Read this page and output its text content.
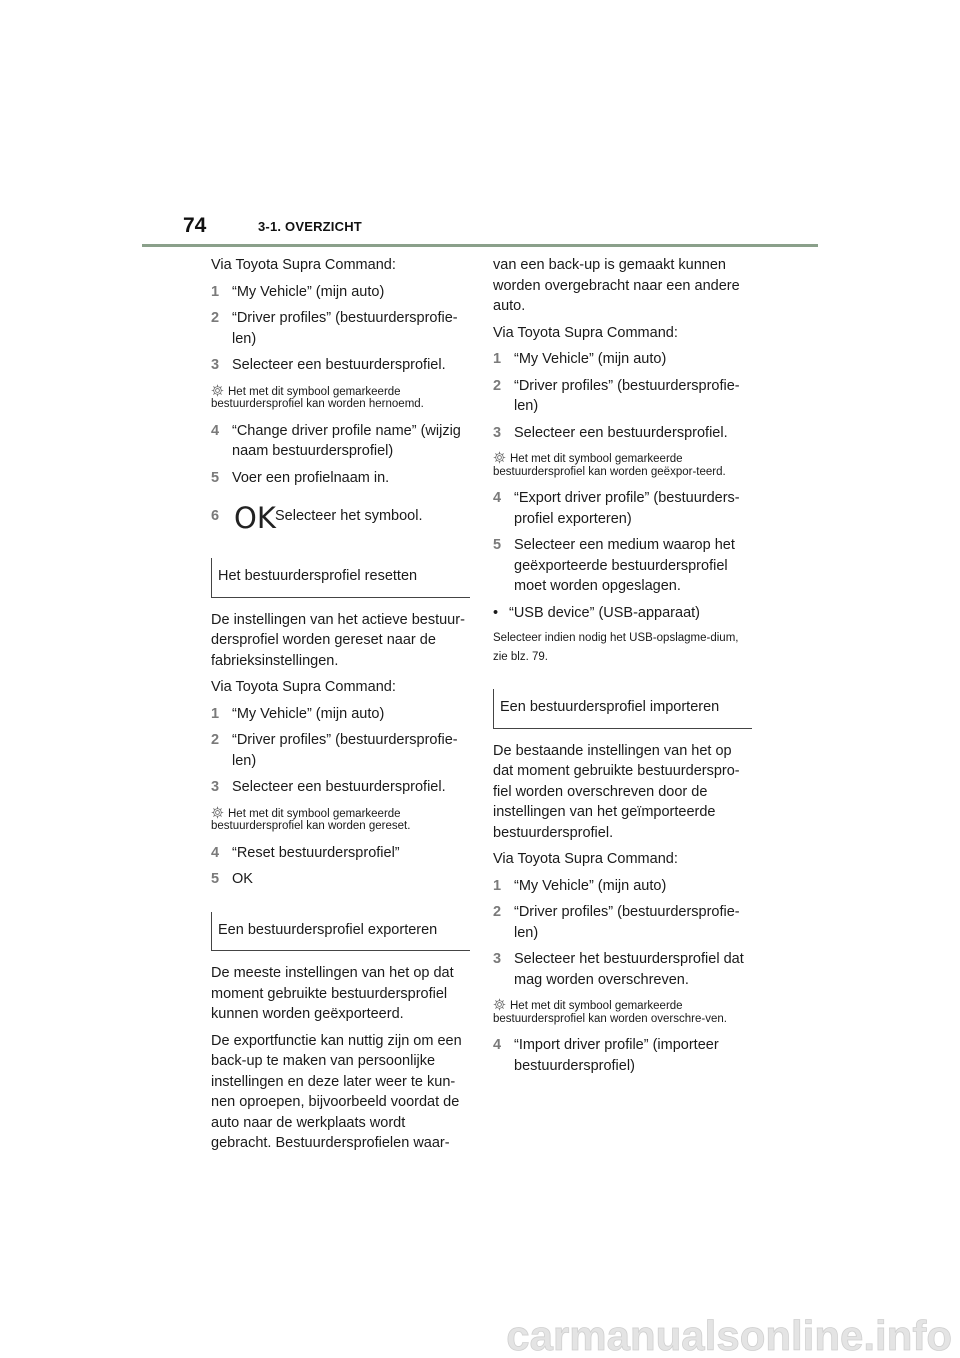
74	3-1. OVERZICHT

Via Toyota Supra Command:

1 “My Vehicle” (mijn auto)
2 “Driver profiles” (bestuurdersprofie-len)
3 Selecteer een bestuurdersprofiel.

Het met dit symbool gemarkeerde bestuurdersprofiel kan worden hernoemd.

4 “Change driver profile name” (wijzig naam bestuurdersprofiel)
5 Voer een profielnaam in.
6 OK Selecteer het symbool.
Het bestuurdersprofiel resetten

De instellingen van het actieve bestuur-dersprofiel worden gereset naar de fabrieksinstellingen.

Via Toyota Supra Command:

1 “My Vehicle” (mijn auto)
2 “Driver profiles” (bestuurdersprofie-len)
3 Selecteer een bestuurdersprofiel.

Het met dit symbool gemarkeerde bestuurdersprofiel kan worden gereset.

4 “Reset bestuurdersprofiel”
5 OK
Een bestuurdersprofiel exporteren

De meeste instellingen van het op dat moment gebruikte bestuurdersprofiel kunnen worden geëxporteerd.

De exportfunctie kan nuttig zijn om een back-up te maken van persoonlijke instellingen en deze later weer te kun-nen oproepen, bijvoorbeeld voordat de auto naar de werkplaats wordt gebracht. Bestuurdersprofielen waar-

van een back-up is gemaakt kunnen worden overgebracht naar een andere auto.

Via Toyota Supra Command:

1 “My Vehicle” (mijn auto)
2 “Driver profiles” (bestuurdersprofie-len)
3 Selecteer een bestuurdersprofiel.

Het met dit symbool gemarkeerde bestuurdersprofiel kan worden geëxpor-teerd.

4 “Export driver profile” (bestuurders-profiel exporteren)
5 Selecteer een medium waarop het geëxporteerde bestuurdersprofiel moet worden opgeslagen.
• “USB device” (USB-apparaat)

Selecteer indien nodig het USB-opslagme-dium, zie blz. 79.

Een bestuurdersprofiel importeren

De bestaande instellingen van het op dat moment gebruikte bestuurderspro-fiel worden overschreven door de instellingen van het geïmporteerde bestuurdersprofiel.

Via Toyota Supra Command:

1 “My Vehicle” (mijn auto)
2 “Driver profiles” (bestuurdersprofie-len)
3 Selecteer het bestuurdersprofiel dat mag worden overschreven.

Het met dit symbool gemarkeerde bestuurdersprofiel kan worden overschre-ven.

4 “Import driver profile” (importeer bestuurdersprofiel)
carmanualsonline.info
